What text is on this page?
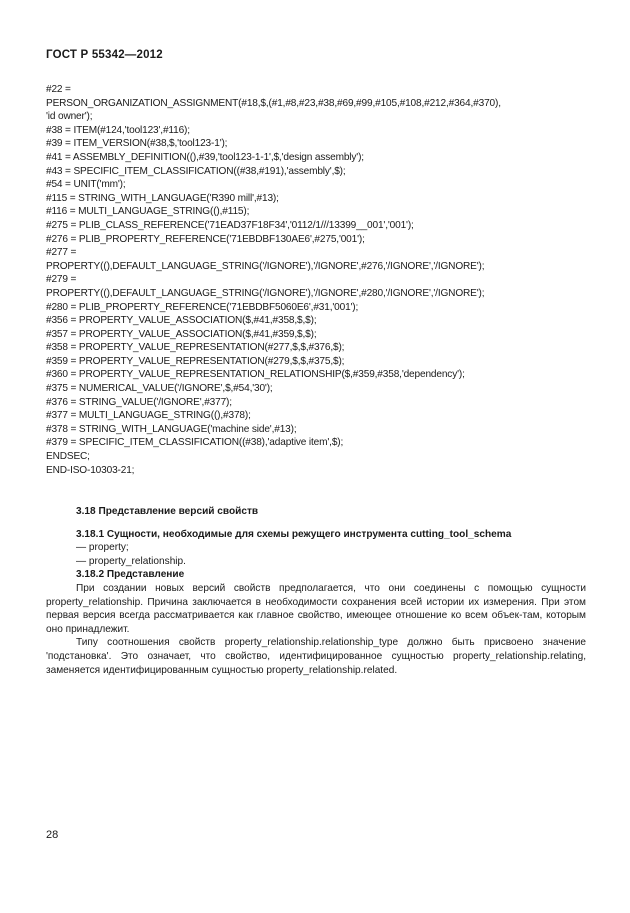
ГОСТ Р 55342—2012
#22 =
PERSON_ORGANIZATION_ASSIGNMENT(#18,$,(#1,#8,#23,#38,#69,#99,#105,#108,#212,#364,#370),
'id owner');
#38 = ITEM(#124,'tool123',#116);
#39 = ITEM_VERSION(#38,$,'tool123-1');
#41 = ASSEMBLY_DEFINITION((),#39,'tool123-1-1',$,'design assembly');
#43 = SPECIFIC_ITEM_CLASSIFICATION((#38,#191),'assembly',$);
#54 = UNIT('mm');
#115 = STRING_WITH_LANGUAGE('R390 mill',#13);
#116 = MULTI_LANGUAGE_STRING((),#115);
#275 = PLIB_CLASS_REFERENCE('71EAD37F18F34','0112/1///13399__001','001');
#276 = PLIB_PROPERTY_REFERENCE('71EBDBF130AE6',#275,'001');
#277 =
PROPERTY((),DEFAULT_LANGUAGE_STRING('/IGNORE'),'/IGNORE',#276,'/IGNORE','/IGNORE');
#279 =
PROPERTY((),DEFAULT_LANGUAGE_STRING('/IGNORE'),'/IGNORE',#280,'/IGNORE','/IGNORE');
#280 = PLIB_PROPERTY_REFERENCE('71EBDBF5060E6',#31,'001');
#356 = PROPERTY_VALUE_ASSOCIATION($,#41,#358,$,$);
#357 = PROPERTY_VALUE_ASSOCIATION($,#41,#359,$,$);
#358 = PROPERTY_VALUE_REPRESENTATION(#277,$,$,#376,$);
#359 = PROPERTY_VALUE_REPRESENTATION(#279,$,$,#375,$);
#360 = PROPERTY_VALUE_REPRESENTATION_RELATIONSHIP($,#359,#358,'dependency');
#375 = NUMERICAL_VALUE('/IGNORE',$,#54,'30');
#376 = STRING_VALUE('/IGNORE',#377);
#377 = MULTI_LANGUAGE_STRING((),#378);
#378 = STRING_WITH_LANGUAGE('machine side',#13);
#379 = SPECIFIC_ITEM_CLASSIFICATION((#38),'adaptive item',$);
ENDSEC;
END-ISO-10303-21;
3.18 Представление версий свойств
3.18.1 Сущности, необходимые для схемы режущего инструмента cutting_tool_schema
— property;
— property_relationship.
3.18.2 Представление

При создании новых версий свойств предполагается, что они соединены с помощью сущности property_relationship. Причина заключается в необходимости сохранения всей истории их измерения. При этом первая версия всегда рассматривается как главное свойство, имеющее отношение ко всем объек-там, которым оно принадлежит.

Типу соотношения свойств property_relationship.relationship_type должно быть присвоено значение 'подстановка'. Это означает, что свойство, идентифицированное сущностью property_relationship.relating, заменяется идентифицированным сущностью property_relationship.related.

28
